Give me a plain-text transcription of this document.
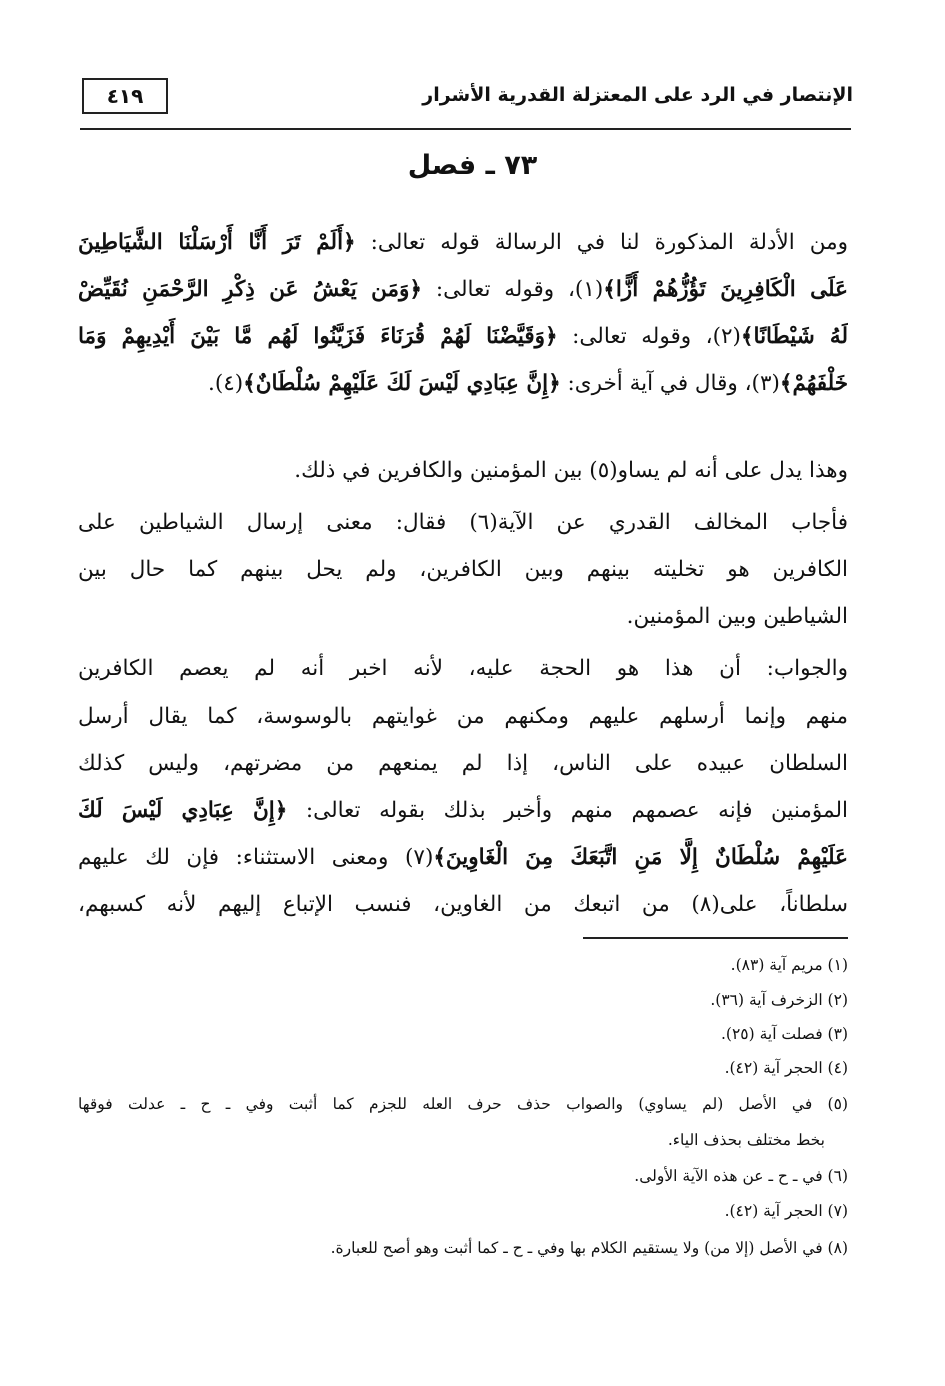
الإنتصار في الرد على المعتزلة القدرية الأشرار
٤١٩
٧٣ ـ فصل
ومن الأدلة المذكورة لنا في الرسالة قوله تعالى: ﴿أَلَمْ تَرَ أَنَّا أَرْسَلْنَا الشَّيَاطِينَ
عَلَى الْكَافِرِينَ تَؤُزُّهُمْ أَزًّا﴾(١)، وقوله تعالى: ﴿وَمَن يَعْشُ عَن ذِكْرِ الرَّحْمَنِ نُقَيِّضْ
لَهُ شَيْطَانًا﴾(٢)، وقوله تعالى: ﴿وَقَيَّضْنَا لَهُمْ قُرَنَاءَ فَزَيَّنُوا لَهُم مَّا بَيْنَ أَيْدِيهِمْ وَمَا
خَلْفَهُمْ﴾(٣)، وقال في آية أخرى: ﴿إِنَّ عِبَادِي لَيْسَ لَكَ عَلَيْهِمْ سُلْطَانٌ﴾(٤).
وهذا يدل على أنه لم يساو(٥) بين المؤمنين والكافرين في ذلك.
فأجاب المخالف القدري عن الآية(٦) فقال: معنى إرسال الشياطين على
الكافرين هو تخليته بينهم وبين الكافرين، ولم يحل بينهم كما حال بين
الشياطين وبين المؤمنين.
والجواب: أن هذا هو الحجة عليه، لأنه اخبر أنه لم يعصم الكافرين
منهم وإنما أرسلهم عليهم ومكنهم من غوايتهم بالوسوسة، كما يقال أرسل
السلطان عبيده على الناس، إذا لم يمنعهم من مضرتهم، وليس كذلك
المؤمنين فإنه عصمهم منهم وأخبر بذلك بقوله تعالى: ﴿إِنَّ عِبَادِي لَيْسَ لَكَ
عَلَيْهِمْ سُلْطَانٌ إِلَّا مَنِ اتَّبَعَكَ مِنَ الْغَاوِينَ﴾(٧) ومعنى الاستثناء: فإن لك عليهم
سلطاناً، على(٨) من اتبعك من الغاوين، فنسب الإتباع إليهم لأنه كسبهم،
(١) مريم آية (٨٣).
(٢) الزخرف آية (٣٦).
(٣) فصلت آية (٢٥).
(٤) الحجر آية (٤٢).
(٥) في الأصل (لم يساوي) والصواب حذف حرف العله للجزم كما أثبت وفي ـ ح ـ عدلت فوقها
بخط مختلف بحذف الياء.
(٦) في ـ ح ـ عن هذه الآية الأولى.
(٧) الحجر آية (٤٢).
(٨) في الأصل (إلا من) ولا يستقيم الكلام بها وفي ـ ح ـ كما أثبت وهو أصح للعبارة.
